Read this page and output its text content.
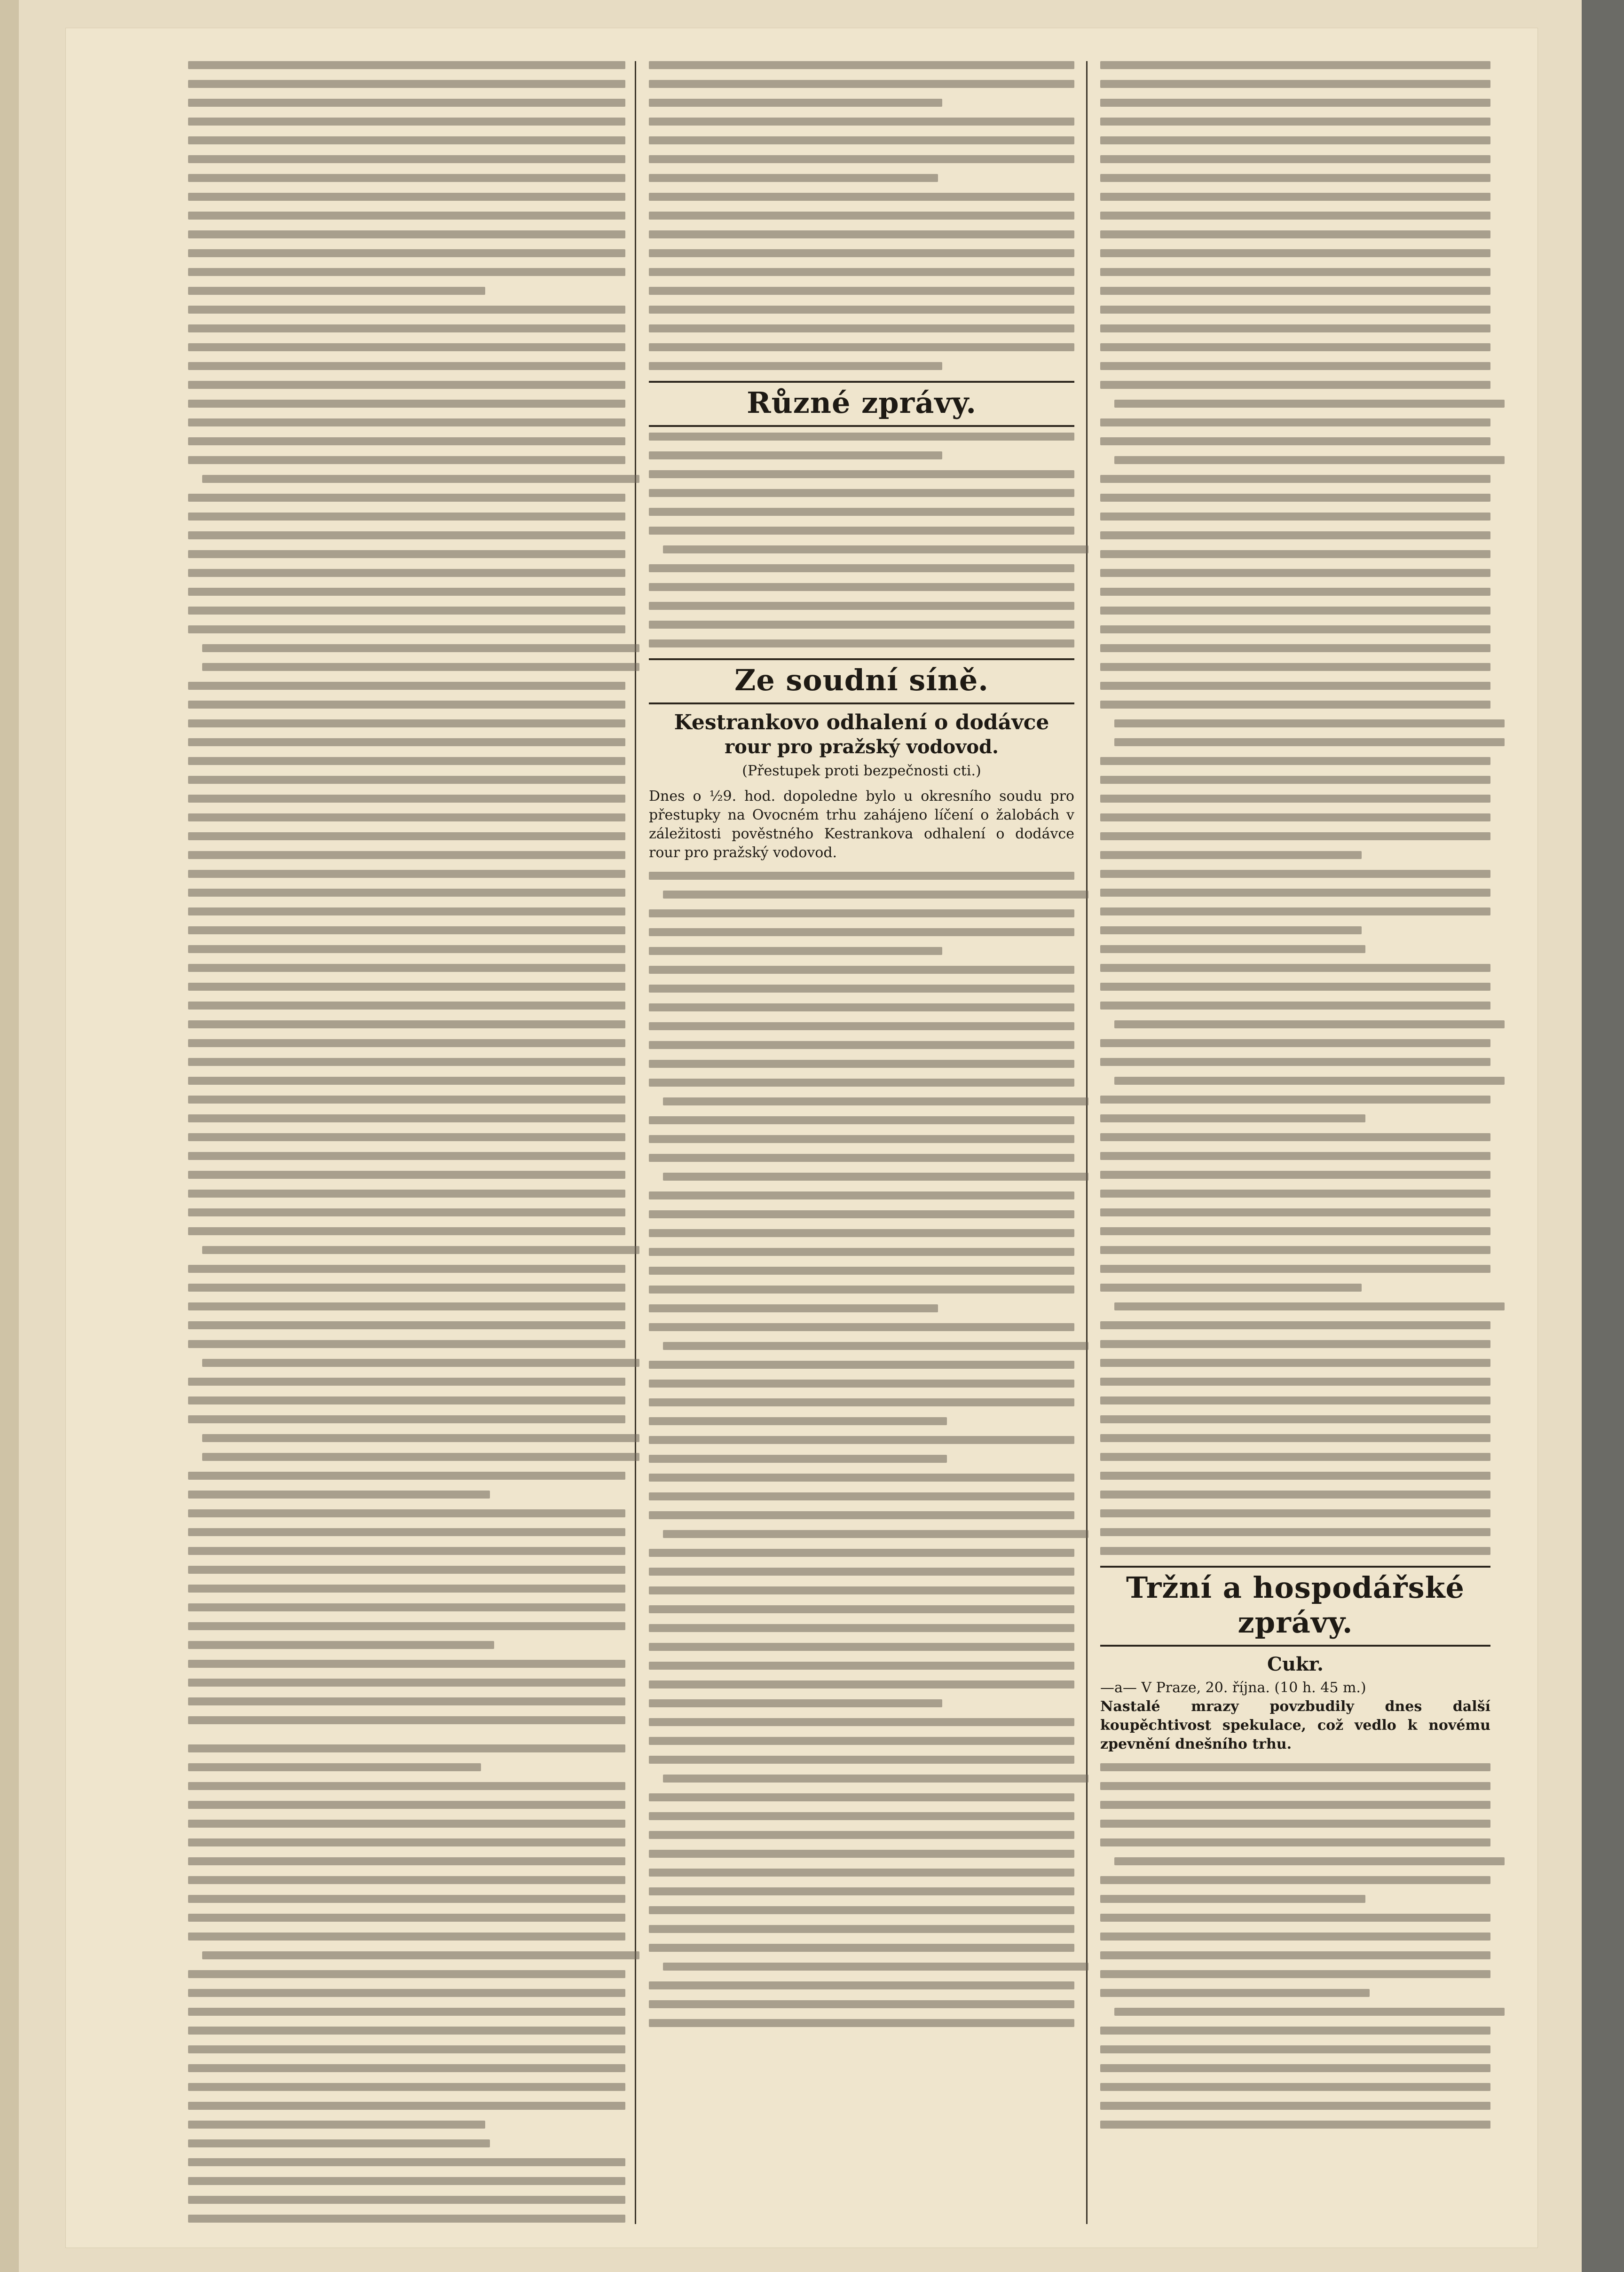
Různé zprávy.
Ze soudní síně.
Kestrankovo odhalení o dodávce
rour pro pražský vodovod.
(Přestupek proti bezpečnosti cti.)

Dnes o ½9. hod. dopoledne bylo u okresního soudu pro přestupky na Ovocném trhu zahájeno líčení o žalobách v záležitosti pověstného Kestrankova odhalení o dodávce rour pro pražský vodovod.

Tržní a hospodářské zprávy.
Cukr.

—a— V Praze, 20. října. (10 h. 45 m.)

Nastalé mrazy povzbudily dnes další koupěchtivost spekulace, což vedlo k novému zpevnění dnešního trhu.
